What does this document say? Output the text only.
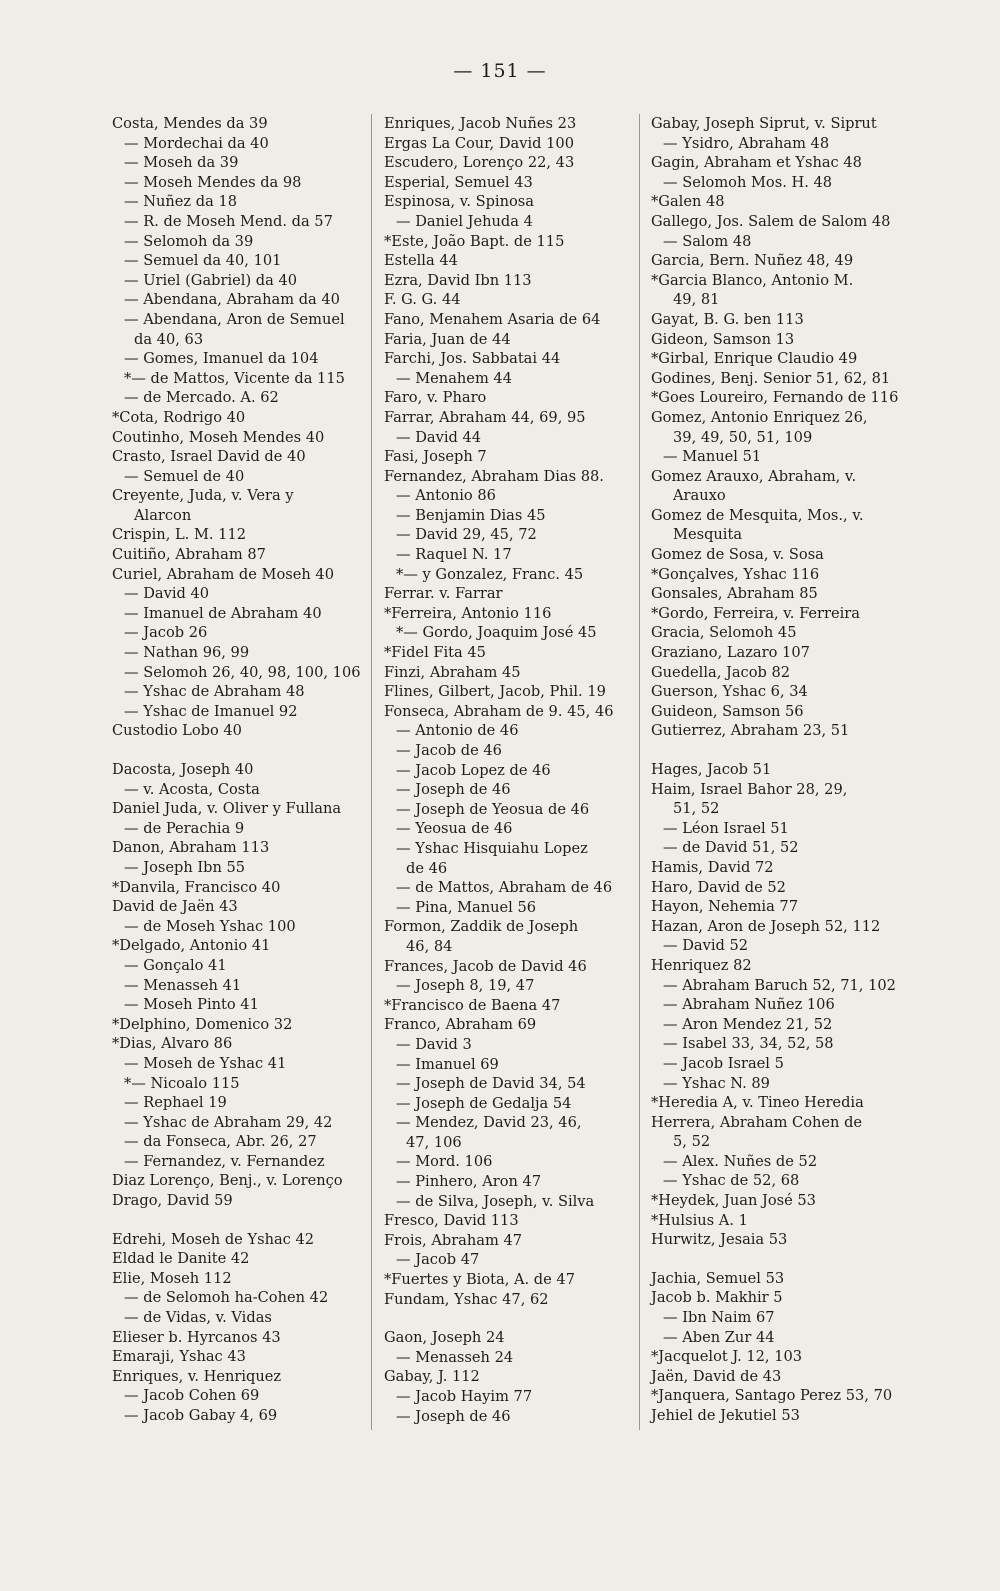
— 151 —
Costa, Mendes da 39
— Mordechai da 40
— Moseh da 39
— Moseh Mendes da 98
— Nuñez da 18
— R. de Moseh Mend. da 57
— Selomoh da 39
— Semuel da 40, 101
— Uriel (Gabriel) da 40
— Abendana, Abraham da 40
— Abendana, Aron de Semuel
da 40, 63
— Gomes, Imanuel da 104
*— de Mattos, Vicente da 115
— de Mercado. A. 62
*Cota, Rodrigo 40
Coutinho, Moseh Mendes 40
Crasto, Israel David de 40
— Semuel de 40
Creyente, Juda, v. Vera y
Alarcon
Crispin, L. M. 112
Cuitiño, Abraham 87
Curiel, Abraham de Moseh 40
— David 40
— Imanuel de Abraham 40
— Jacob 26
— Nathan 96, 99
— Selomoh 26, 40, 98, 100, 106
— Yshac de Abraham 48
— Yshac de Imanuel 92
Custodio Lobo 40
Dacosta, Joseph 40
— v. Acosta, Costa
Daniel Juda, v. Oliver y Fullana
— de Perachia 9
Danon, Abraham 113
— Joseph Ibn 55
*Danvila, Francisco 40
David de Jaën 43
— de Moseh Yshac 100
*Delgado, Antonio 41
— Gonçalo 41
— Menasseh 41
— Moseh Pinto 41
*Delphino, Domenico 32
*Dias, Alvaro 86
— Moseh de Yshac 41
*— Nicoalo 115
— Rephael 19
— Yshac de Abraham 29, 42
— da Fonseca, Abr. 26, 27
— Fernandez, v. Fernandez
Diaz Lorenço, Benj., v. Lorenço
Drago, David 59
Edrehi, Moseh de Yshac 42
Eldad le Danite 42
Elie, Moseh 112
— de Selomoh ha-Cohen 42
— de Vidas, v. Vidas
Elieser b. Hyrcanos 43
Emaraji, Yshac 43
Enriques, v. Henriquez
— Jacob Cohen 69
— Jacob Gabay 4, 69
Enriques, Jacob Nuñes 23
Ergas La Cour, David 100
Escudero, Lorenço 22, 43
Esperial, Semuel 43
Espinosa, v. Spinosa
— Daniel Jehuda 4
*Este, João Bapt. de 115
Estella 44
Ezra, David Ibn 113
F. G. G. 44
Fano, Menahem Asaria de 64
Faria, Juan de 44
Farchi, Jos. Sabbatai 44
— Menahem 44
Faro, v. Pharo
Farrar, Abraham 44, 69, 95
— David 44
Fasi, Joseph 7
Fernandez, Abraham Dias 88.
— Antonio 86
— Benjamin Dias 45
— David 29, 45, 72
— Raquel N. 17
*— y Gonzalez, Franc. 45
Ferrar. v. Farrar
*Ferreira, Antonio 116
*— Gordo, Joaquim José 45
*Fidel Fita 45
Finzi, Abraham 45
Flines, Gilbert, Jacob, Phil. 19
Fonseca, Abraham de 9. 45, 46
— Antonio de 46
— Jacob de 46
— Jacob Lopez de 46
— Joseph de 46
— Joseph de Yeosua de 46
— Yeosua de 46
— Yshac Hisquiahu Lopez
de 46
— de Mattos, Abraham de 46
— Pina, Manuel 56
Formon, Zaddik de Joseph
46, 84
Frances, Jacob de David 46
— Joseph 8, 19, 47
*Francisco de Baena 47
Franco, Abraham 69
— David 3
— Imanuel 69
— Joseph de David 34, 54
— Joseph de Gedalja 54
— Mendez, David 23, 46,
47, 106
— Mord. 106
— Pinhero, Aron 47
— de Silva, Joseph, v. Silva
Fresco, David 113
Frois, Abraham 47
— Jacob 47
*Fuertes y Biota, A. de 47
Fundam, Yshac 47, 62
Gaon, Joseph 24
— Menasseh 24
Gabay, J. 112
— Jacob Hayim 77
— Joseph de 46
Gabay, Joseph Siprut, v. Siprut
— Ysidro, Abraham 48
Gagin, Abraham et Yshac 48
— Selomoh Mos. H. 48
*Galen 48
Gallego, Jos. Salem de Salom 48
— Salom 48
Garcia, Bern. Nuñez 48, 49
*Garcia Blanco, Antonio M.
49, 81
Gayat, B. G. ben 113
Gideon, Samson 13
*Girbal, Enrique Claudio 49
Godines, Benj. Senior 51, 62, 81
*Goes Loureiro, Fernando de 116
Gomez, Antonio Enriquez 26,
39, 49, 50, 51, 109
— Manuel 51
Gomez Arauxo, Abraham, v.
Arauxo
Gomez de Mesquita, Mos., v.
Mesquita
Gomez de Sosa, v. Sosa
*Gonçalves, Yshac 116
Gonsales, Abraham 85
*Gordo, Ferreira, v. Ferreira
Gracia, Selomoh 45
Graziano, Lazaro 107
Guedella, Jacob 82
Guerson, Yshac 6, 34
Guideon, Samson 56
Gutierrez, Abraham 23, 51
Hages, Jacob 51
Haim, Israel Bahor 28, 29,
51, 52
— Léon Israel 51
— de David 51, 52
Hamis, David 72
Haro, David de 52
Hayon, Nehemia 77
Hazan, Aron de Joseph 52, 112
— David 52
Henriquez 82
— Abraham Baruch 52, 71, 102
— Abraham Nuñez 106
— Aron Mendez 21, 52
— Isabel 33, 34, 52, 58
— Jacob Israel 5
— Yshac N. 89
*Heredia A, v. Tineo Heredia
Herrera, Abraham Cohen de
5, 52
— Alex. Nuñes de 52
— Yshac de 52, 68
*Heydek, Juan José 53
*Hulsius A. 1
Hurwitz, Jesaia 53
Jachia, Semuel 53
Jacob b. Makhir 5
— Ibn Naim 67
— Aben Zur 44
*Jacquelot J. 12, 103
Jaën, David de 43
*Janquera, Santago Perez 53, 70
Jehiel de Jekutiel 53
